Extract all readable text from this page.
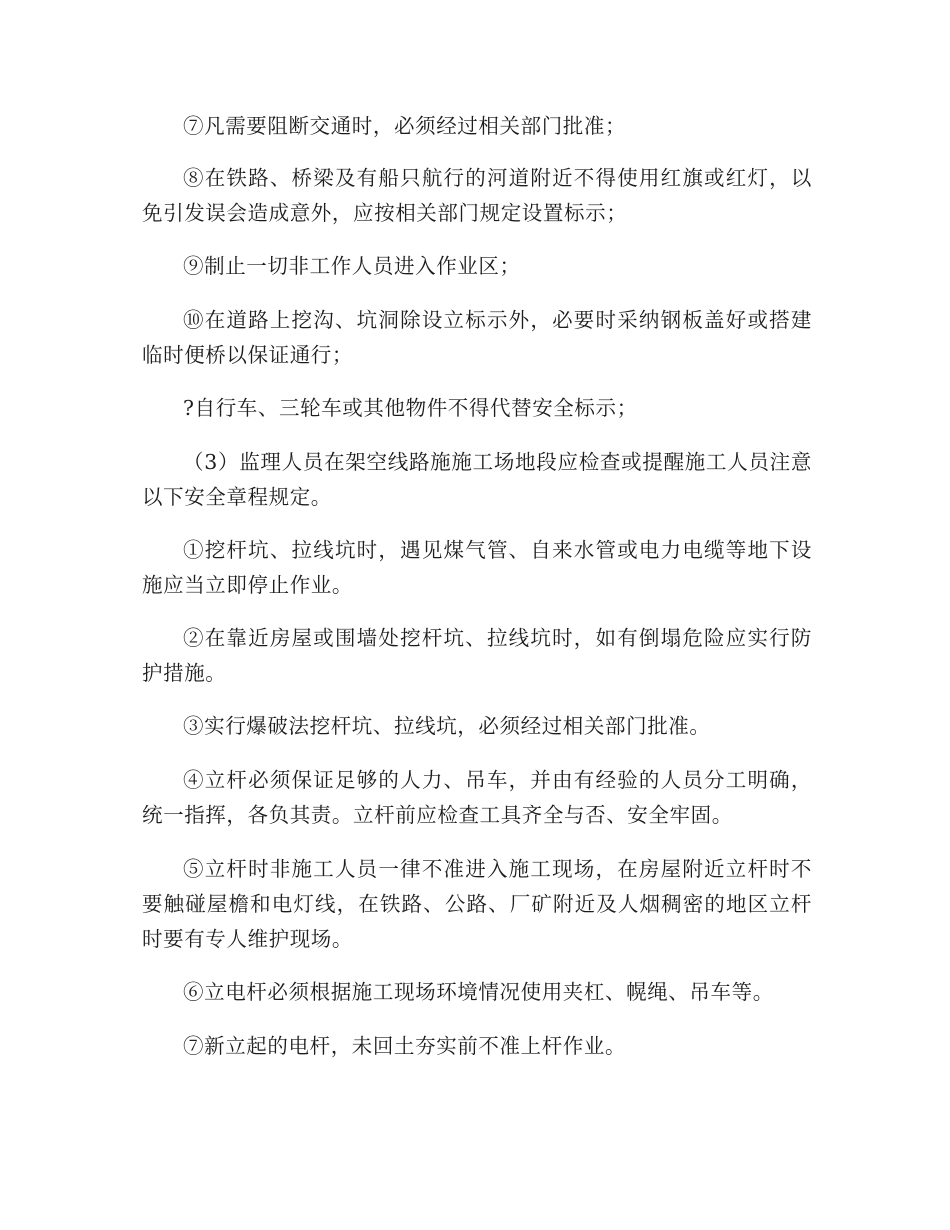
⑦凡需要阻断交通时，必须经过相关部门批准；

⑧在铁路、桥梁及有船只航行的河道附近不得使用红旗或红灯，以免引发误会造成意外，应按相关部门规定设置标示；

⑨制止一切非工作人员进入作业区；

⑩在道路上挖沟、坑洞除设立标示外，必要时采纳钢板盖好或搭建临时便桥以保证通行；

?自行车、三轮车或其他物件不得代替安全标示；

（3）监理人员在架空线路施施工场地段应检查或提醒施工人员注意以下安全章程规定。

①挖杆坑、拉线坑时，遇见煤气管、自来水管或电力电缆等地下设施应当立即停止作业。

②在靠近房屋或围墙处挖杆坑、拉线坑时，如有倒塌危险应实行防护措施。

③实行爆破法挖杆坑、拉线坑，必须经过相关部门批准。

④立杆必须保证足够的人力、吊车，并由有经验的人员分工明确，统一指挥，各负其责。立杆前应检查工具齐全与否、安全牢固。

⑤立杆时非施工人员一律不准进入施工现场，在房屋附近立杆时不要触碰屋檐和电灯线，在铁路、公路、厂矿附近及人烟稠密的地区立杆时要有专人维护现场。

⑥立电杆必须根据施工现场环境情况使用夹杠、幌绳、吊车等。

⑦新立起的电杆，未回土夯实前不准上杆作业。
